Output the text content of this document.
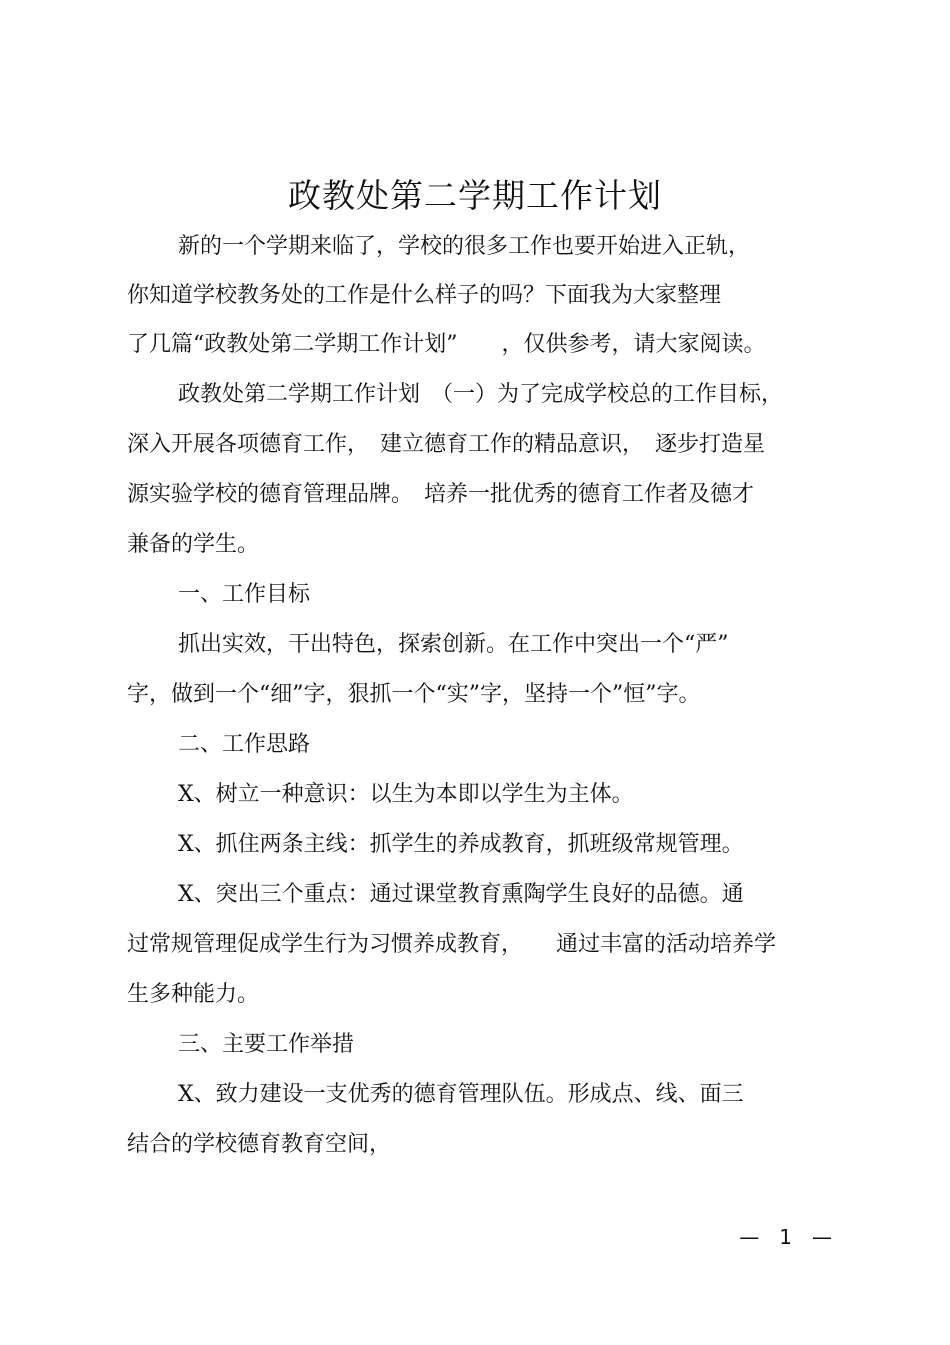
政教处第二学期工作计划
新的一个学期来临了，学校的很多工作也要开始进入正轨，
你知道学校教务处的工作是什么样子的吗？下面我为大家整理
了几篇“政教处第二学期工作计划”　　，仅供参考，请大家阅读。
政教处第二学期工作计划　（一）为了完成学校总的工作目标，
深入开展各项德育工作，　建立德育工作的精品意识，　逐步打造星
源实验学校的德育管理品牌。　培养一批优秀的德育工作者及德才
兼备的学生。
一、工作目标
抓出实效，干出特色，探索创新。在工作中突出一个“严”
字，做到一个“细”字，狠抓一个“实”字，坚持一个”恒”字。
二、工作思路
X、树立一种意识：以生为本即以学生为主体。
X、抓住两条主线：抓学生的养成教育，抓班级常规管理。
X、突出三个重点：通过课堂教育熏陶学生良好的品德。通
过常规管理促成学生行为习惯养成教育，　　通过丰富的活动培养学
生多种能力。
三、主要工作举措
X、致力建设一支优秀的德育管理队伍。形成点、线、面三
结合的学校德育教育空间，
—　1　—
